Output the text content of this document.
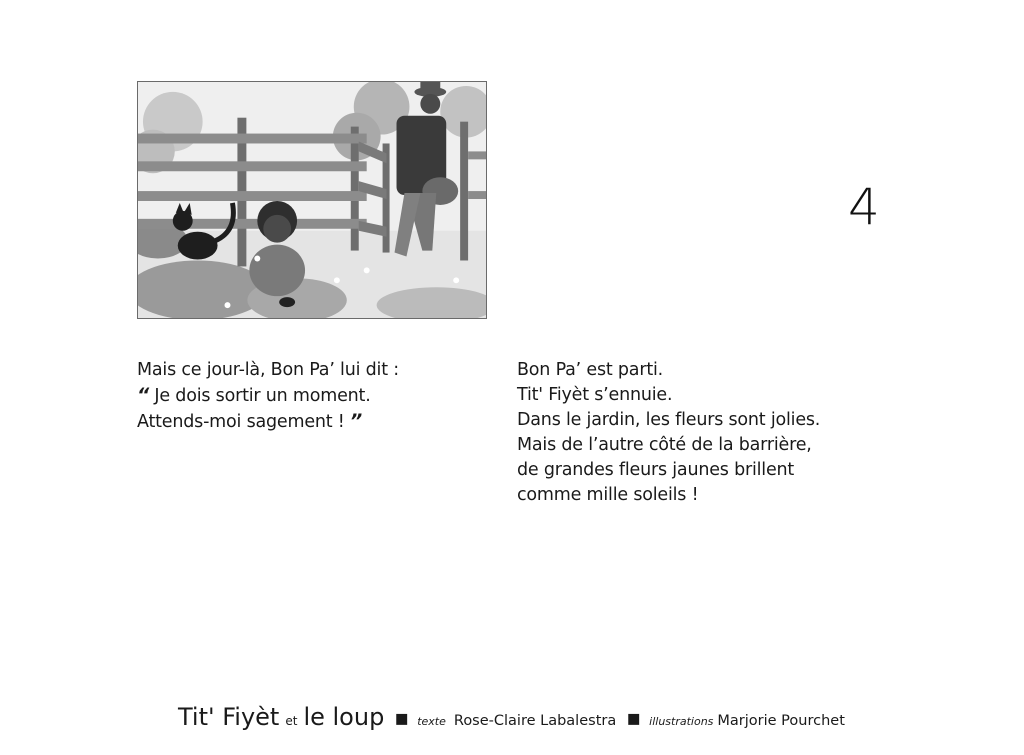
4
Mais ce jour-là, Bon Pa’ lui dit :
“ Je dois sortir un moment.
Attends-moi sagement ! ”
Bon Pa’ est parti.
Tit' Fiyèt s’ennuie.
Dans le jardin, les fleurs sont jolies.
Mais de l’autre côté de la barrière,
de grandes fleurs jaunes brillent
comme mille soleils !
Tit' Fiyèt et le loup ▪ texte Rose-Claire Labalestra ▪ illustrations Marjorie Pourchet
